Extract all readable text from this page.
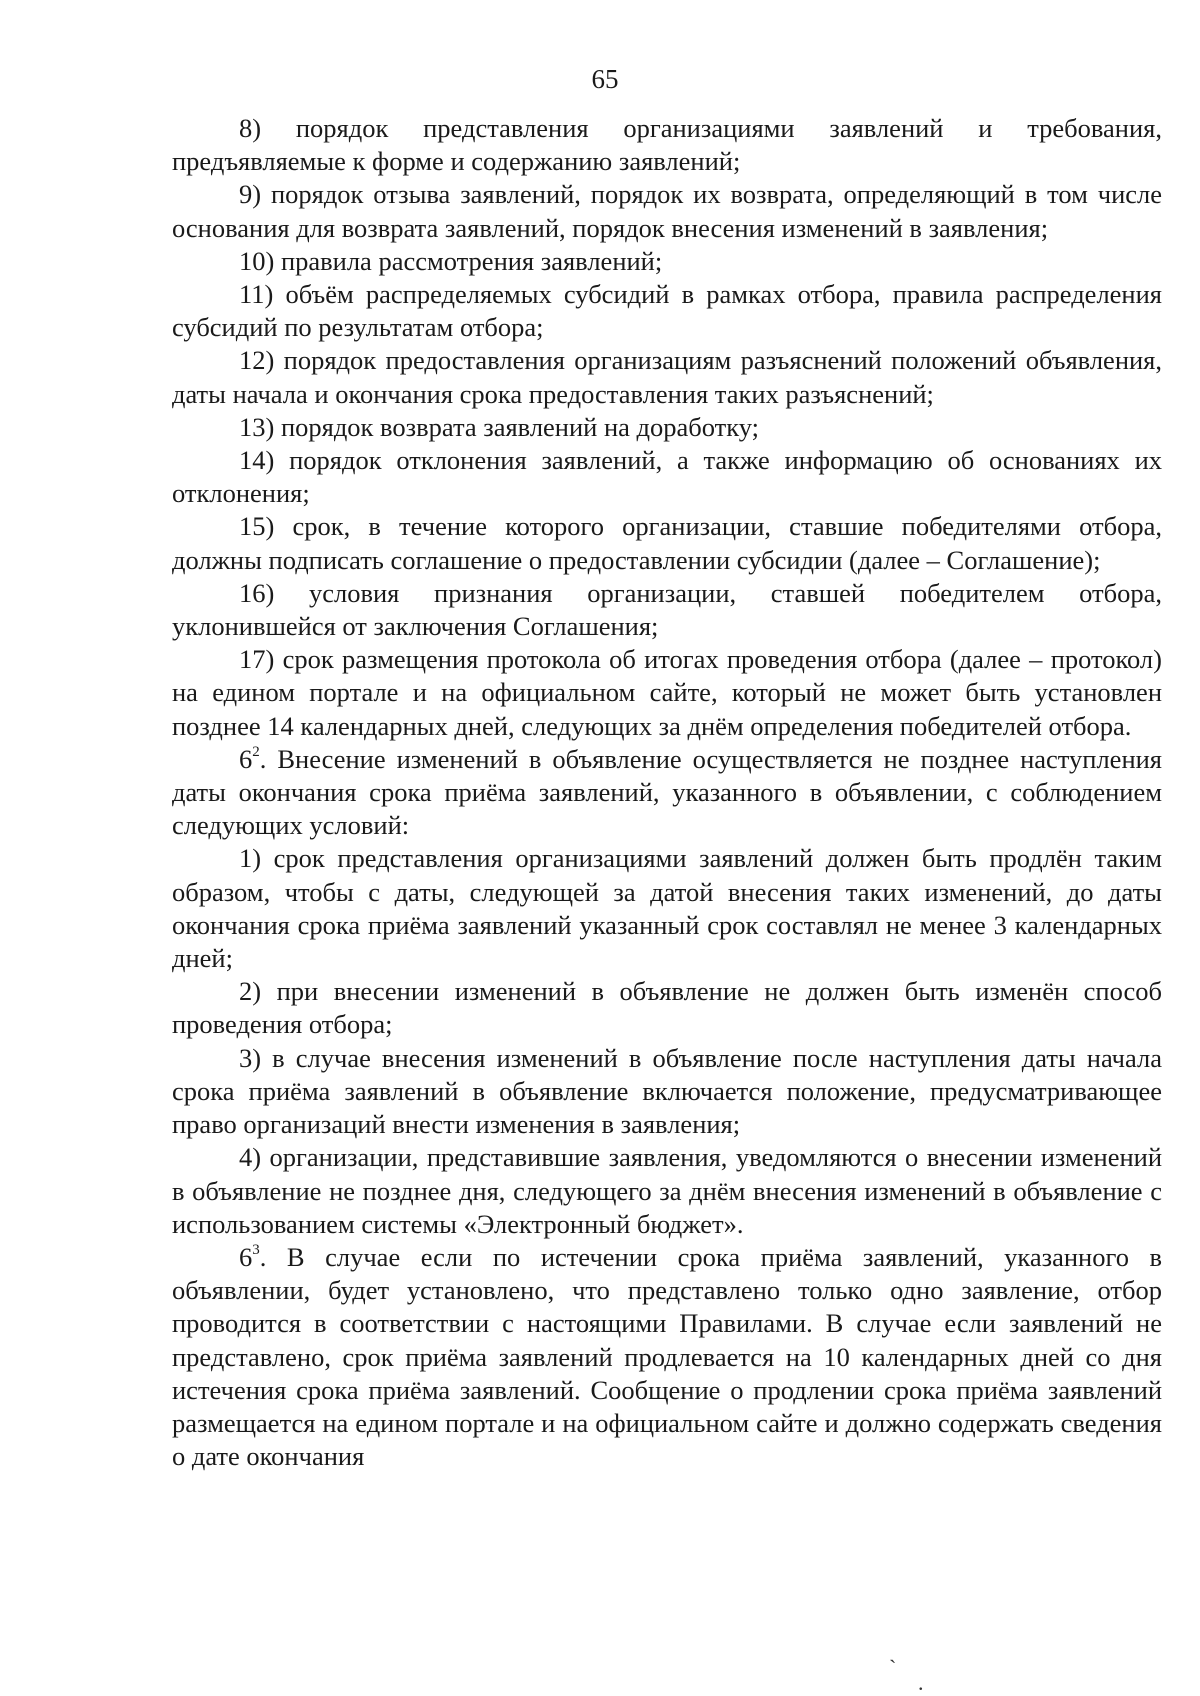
65

8) порядок представления организациями заявлений и требования, предъявляемые к форме и содержанию заявлений;

9) порядок отзыва заявлений, порядок их возврата, определяющий в том числе основания для возврата заявлений, порядок внесения изменений в заявления;

10) правила рассмотрения заявлений;

11) объём распределяемых субсидий в рамках отбора, правила распределения субсидий по результатам отбора;

12) порядок предоставления организациям разъяснений положений объявления, даты начала и окончания срока предоставления таких разъяснений;

13) порядок возврата заявлений на доработку;

14) порядок отклонения заявлений, а также информацию об основаниях их отклонения;

15) срок, в течение которого организации, ставшие победителями отбора, должны подписать соглашение о предоставлении субсидии (далее – Соглашение);

16) условия признания организации, ставшей победителем отбора, уклонившейся от заключения Соглашения;

17) срок размещения протокола об итогах проведения отбора (далее – протокол) на едином портале и на официальном сайте, который не может быть установлен позднее 14 календарных дней, следующих за днём определения победителей отбора.

$6^2$. Внесение изменений в объявление осуществляется не позднее наступления даты окончания срока приёма заявлений, указанного в объявлении, с соблюдением следующих условий:

1) срок представления организациями заявлений должен быть продлён таким образом, чтобы с даты, следующей за датой внесения таких изменений, до даты окончания срока приёма заявлений указанный срок составлял не менее 3 календарных дней;

2) при внесении изменений в объявление не должен быть изменён способ проведения отбора;

3) в случае внесения изменений в объявление после наступления даты начала срока приёма заявлений в объявление включается положение, предусматривающее право организаций внести изменения в заявления;

4) организации, представившие заявления, уведомляются о внесении изменений в объявление не позднее дня, следующего за днём внесения изменений в объявление с использованием системы «Электронный бюджет».

$6^3$. В случае если по истечении срока приёма заявлений, указанного в объявлении, будет установлено, что представлено только одно заявление, отбор проводится в соответствии с настоящими Правилами. В случае если заявлений не представлено, срок приёма заявлений продлевается на 10 календарных дней со дня истечения срока приёма заявлений. Сообщение о продлении срока приёма заявлений размещается на едином портале и на официальном сайте и должно содержать сведения о дате окончания

`
.
